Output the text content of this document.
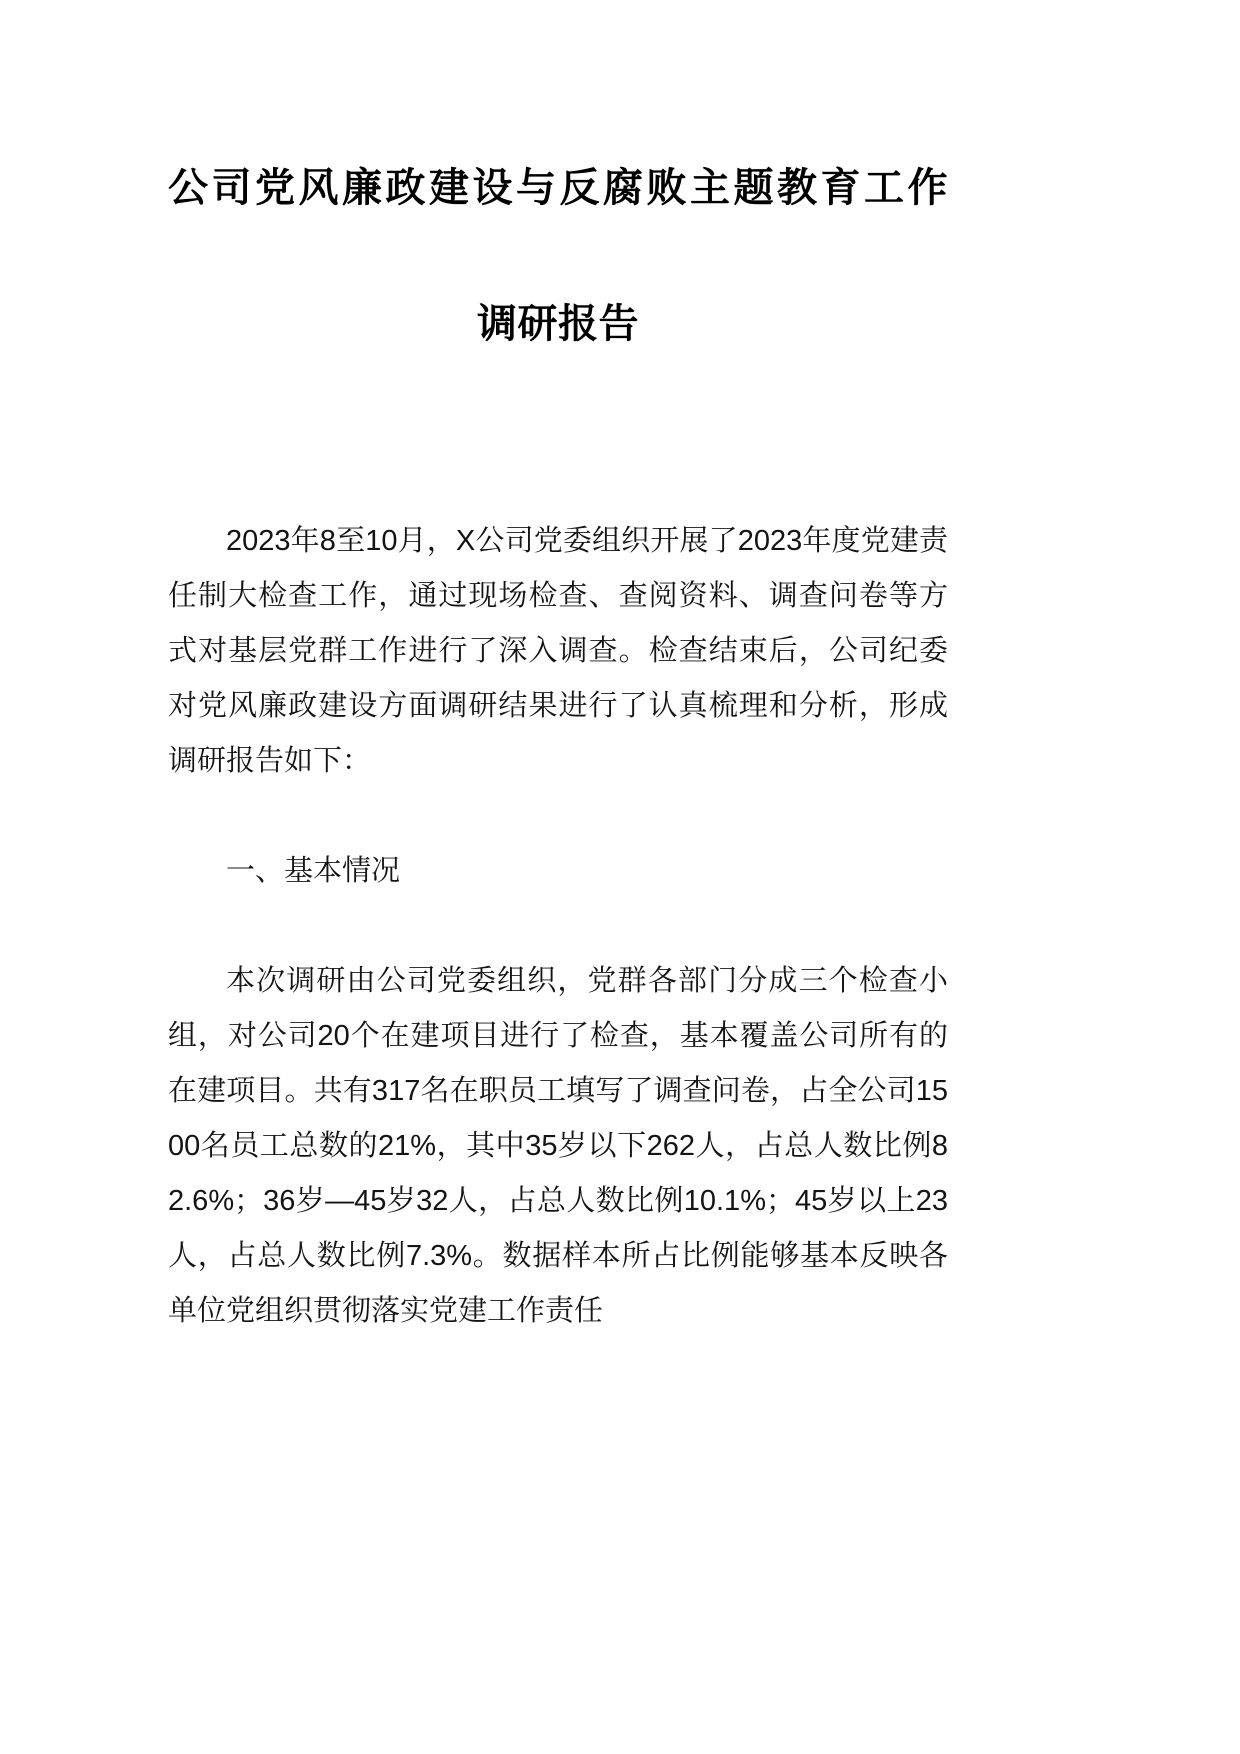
公司党风廉政建设与反腐败主题教育工作
调研报告

2023年8至10月，X公司党委组织开展了2023年度党建责任制大检查工作，通过现场检查、查阅资料、调查问卷等方式对基层党群工作进行了深入调查。检查结束后，公司纪委对党风廉政建设方面调研结果进行了认真梳理和分析，形成调研报告如下：

一、基本情况

本次调研由公司党委组织，党群各部门分成三个检查小组，对公司20个在建项目进行了检查，基本覆盖公司所有的在建项目。共有317名在职员工填写了调查问卷，占全公司1500名员工总数的21%，其中35岁以下262人，占总人数比例82.6%；36岁—45岁32人，占总人数比例10.1%；45岁以上23人，占总人数比例7.3%。数据样本所占比例能够基本反映各单位党组织贯彻落实党建工作责任
